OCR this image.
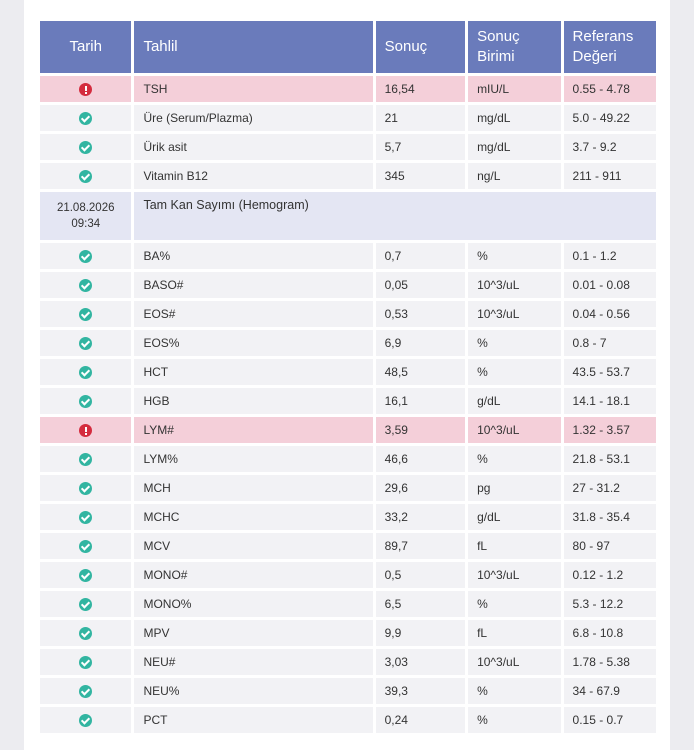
Tarih	Tahlil	Sonuç	Sonuç Birimi	Referans Değeri
	TSH	16,54	mIU/L	0.55 - 4.78
	Üre (Serum/Plazma)	21	mg/dL	5.0 - 49.22
	Ürik asit	5,7	mg/dL	3.7 - 9.2
	Vitamin B12	345	ng/L	211 - 911

21.08.2026
09:34	Tam Kan Sayımı (Hemogram)			
	BA%	0,7	%	0.1 - 1.2
	BASO#	0,05	10^3/uL	0.01 - 0.08
	EOS#	0,53	10^3/uL	0.04 - 0.56
	EOS%	6,9	%	0.8 - 7
	HCT	48,5	%	43.5 - 53.7
	HGB	16,1	g/dL	14.1 - 18.1
	LYM#	3,59	10^3/uL	1.32 - 3.57
	LYM%	46,6	%	21.8 - 53.1
	MCH	29,6	pg	27 - 31.2
	MCHC	33,2	g/dL	31.8 - 35.4
	MCV	89,7	fL	80 - 97
	MONO#	0,5	10^3/uL	0.12 - 1.2
	MONO%	6,5	%	5.3 - 12.2
	MPV	9,9	fL	6.8 - 10.8
	NEU#	3,03	10^3/uL	1.78 - 5.38
	NEU%	39,3	%	34 - 67.9
	PCT	0,24	%	0.15 - 0.7
